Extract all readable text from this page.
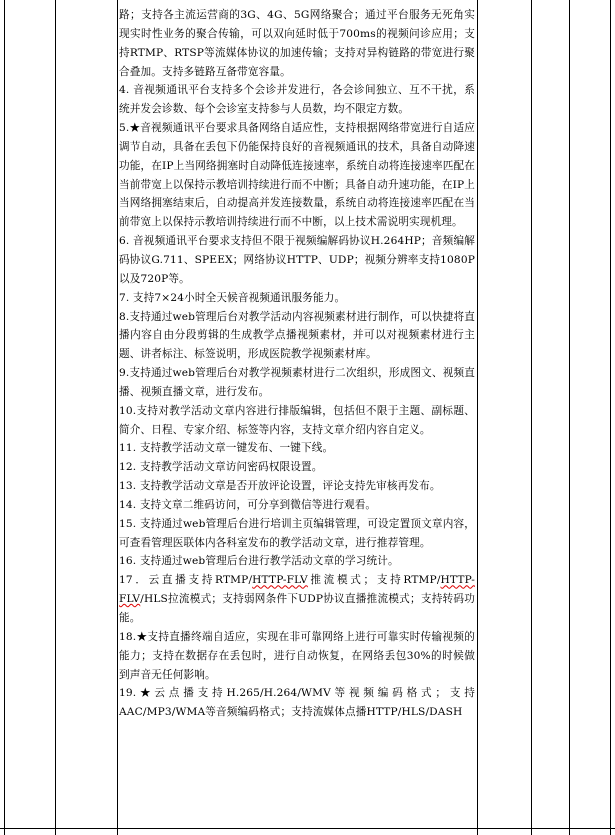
路；支持各主流运营商的3G、4G、5G网络聚合；通过平台服务无死角实现实时性业务的聚合传输，可以双向延时低于700ms的视频问诊应用；支持RTMP、RTSP等流媒体协议的加速传输；支持对异构链路的带宽进行聚合叠加。支持多链路互备带宽容量。

4. 音视频通讯平台支持多个会诊并发进行，各会诊间独立、互不干扰，系统并发会诊数、每个会诊室支持参与人员数，均不限定方数。

5.★音视频通讯平台要求具备网络自适应性，支持根据网络带宽进行自适应调节自动，具备在丢包下仍能保持良好的音视频通讯的技术，具备自动降速功能，在IP上当网络拥塞时自动降低连接速率，系统自动将连接速率匹配在当前带宽上以保持示教培训持续进行而不中断；具备自动升速功能，在IP上当网络拥塞结束后，自动提高并发连接数量，系统自动将连接速率匹配在当前带宽上以保持示教培训持续进行而不中断，以上技术需说明实现机理。

6. 音视频通讯平台要求支持但不限于视频编解码协议H.264HP；音频编解码协议G.711、SPEEX；网络协议HTTP、UDP；视频分辨率支持1080P以及720P等。

7. 支持7×24小时全天候音视频通讯服务能力。

8.支持通过web管理后台对教学活动内容视频素材进行制作，可以快捷将直播内容自由分段剪辑的生成教学点播视频素材，并可以对视频素材进行主题、讲者标注、标签说明，形成医院教学视频素材库。

9.支持通过web管理后台对教学视频素材进行二次组织，形成图文、视频直播、视频直播文章，进行发布。

10.支持对教学活动文章内容进行排版编辑，包括但不限于主题、副标题、简介、日程、专家介绍、标签等内容，支持文章介绍内容自定义。

11. 支持教学活动文章一键发布、一键下线。

12. 支持教学活动文章访问密码权限设置。

13. 支持教学活动文章是否开放评论设置，评论支持先审核再发布。

14. 支持文章二维码访问，可分享到微信等进行观看。

15. 支持通过web管理后台进行培训主页编辑管理，可设定置顶文章内容，可查看管理医联体内各科室发布的教学活动文章，进行推荐管理。

16. 支持通过web管理后台进行教学活动文章的学习统计。

17．云直播支持RTMP/HTTP-FLV推流模式；支持RTMP/HTTP-FLV/HLS拉流模式；支持弱网条件下UDP协议直播推流模式；支持转码功能。

18.★支持直播终端自适应，实现在非可靠网络上进行可靠实时传输视频的能力；支持在数据存在丢包时，进行自动恢复，在网络丢包30%的时候做到声音无任何影响。

19.★云点播支持H.265/H.264/WMV等视频编码格式；支持AAC/MP3/WMA等音频编码格式；支持流媒体点播HTTP/HLS/DASH
